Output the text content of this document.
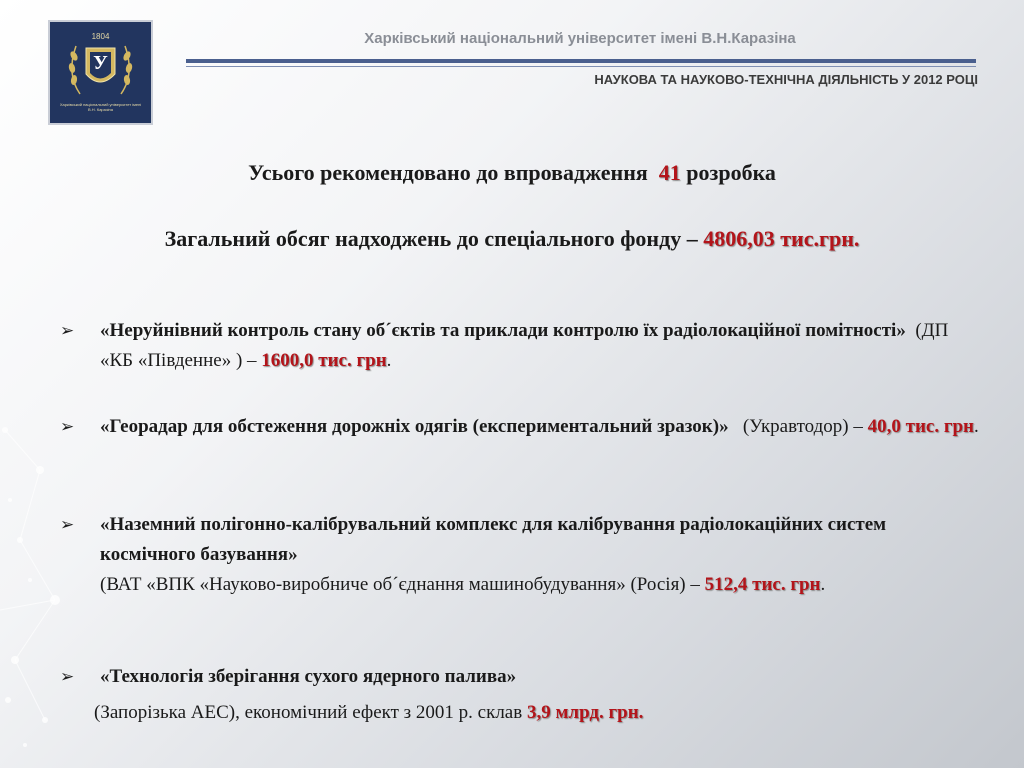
1804
У
Харківський національний університет імені В.Н. Каразіна
Харківський національний університет імені В.Н.Каразіна
НАУКОВА ТА НАУКОВО-ТЕХНІЧНА ДІЯЛЬНІСТЬ У 2012 РОЦІ
Усього рекомендовано до впровадження 41 розробка
Загальний обсяг надходжень до спеціального фонду – 4806,03 тис.грн.
➢ «Неруйнівний контроль стану об´єктів та приклади контролю їх радіолокаційної помітності» (ДП «КБ «Південне» ) – 1600,0 тис. грн.
➢ «Георадар для обстеження дорожніх одягів (експериментальний зразок)» (Укравтодор) – 40,0 тис. грн.
➢ «Наземний полігонно-калібрувальний комплекс для калібрування радіолокаційних систем космічного базування»
(ВАТ «ВПК «Науково-виробниче об´єднання машинобудування» (Росія) – 512,4 тис. грн.
➢ «Технологія зберігання сухого ядерного палива»
(Запорізька АЕС), економічний ефект з 2001 р. склав 3,9 млрд. грн.
